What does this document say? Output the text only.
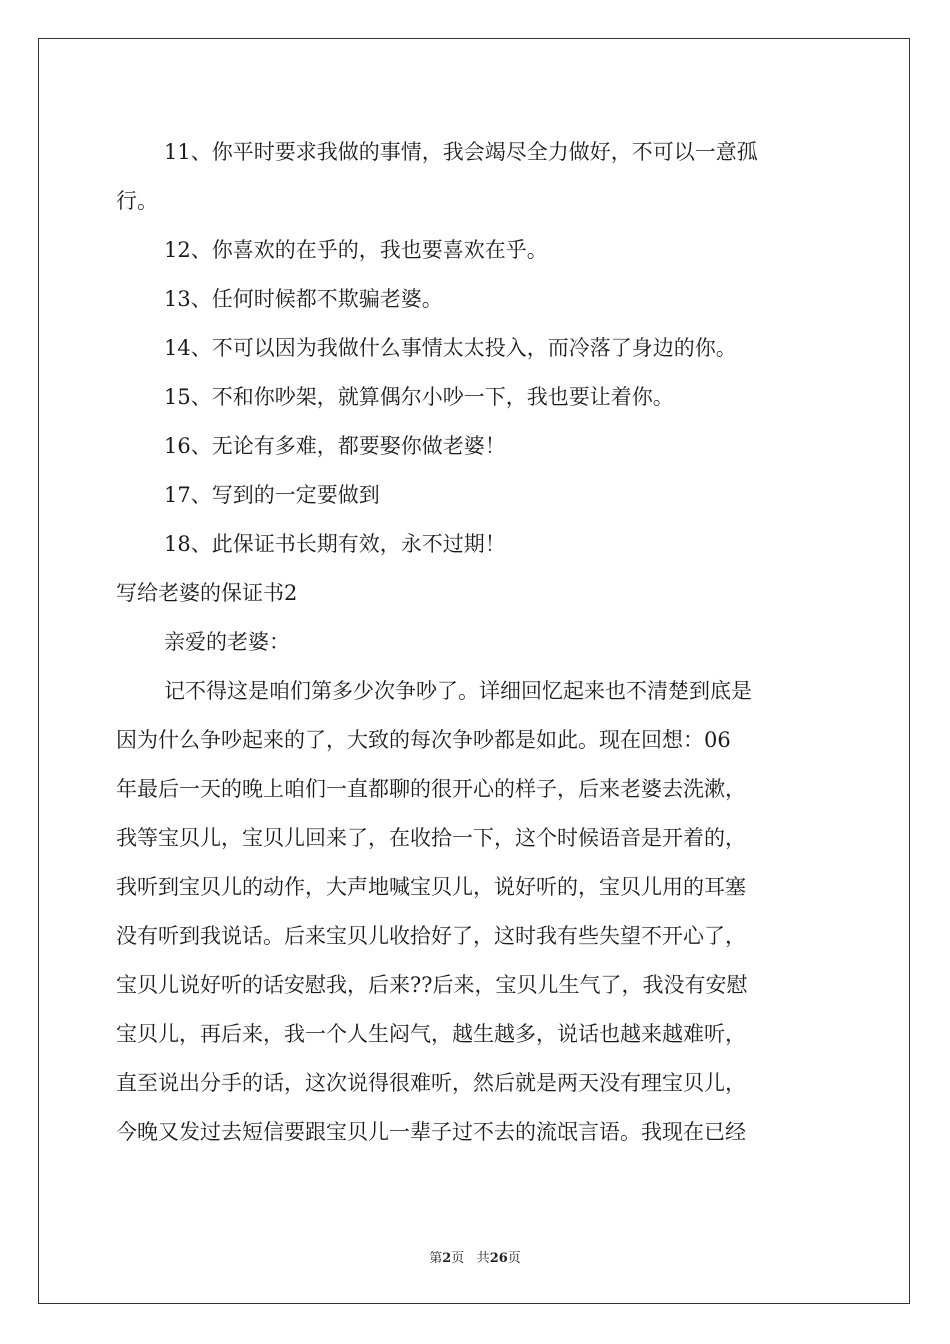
11、你平时要求我做的事情，我会竭尽全力做好，不可以一意孤

行。

12、你喜欢的在乎的，我也要喜欢在乎。

13、任何时候都不欺骗老婆。

14、不可以因为我做什么事情太太投入，而冷落了身边的你。

15、不和你吵架，就算偶尔小吵一下，我也要让着你。

16、无论有多难，都要娶你做老婆！

17、写到的一定要做到

18、此保证书长期有效，永不过期！

写给老婆的保证书2

亲爱的老婆：

记不得这是咱们第多少次争吵了。详细回忆起来也不清楚到底是

因为什么争吵起来的了，大致的每次争吵都是如此。现在回想：06

年最后一天的晚上咱们一直都聊的很开心的样子，后来老婆去洗漱，

我等宝贝儿，宝贝儿回来了，在收拾一下，这个时候语音是开着的，

我听到宝贝儿的动作，大声地喊宝贝儿，说好听的，宝贝儿用的耳塞

没有听到我说话。后来宝贝儿收拾好了，这时我有些失望不开心了，

宝贝儿说好听的话安慰我，后来??后来，宝贝儿生气了，我没有安慰

宝贝儿，再后来，我一个人生闷气，越生越多，说话也越来越难听，

直至说出分手的话，这次说得很难听，然后就是两天没有理宝贝儿，

今晚又发过去短信要跟宝贝儿一辈子过不去的流氓言语。我现在已经

第2页 共26页
